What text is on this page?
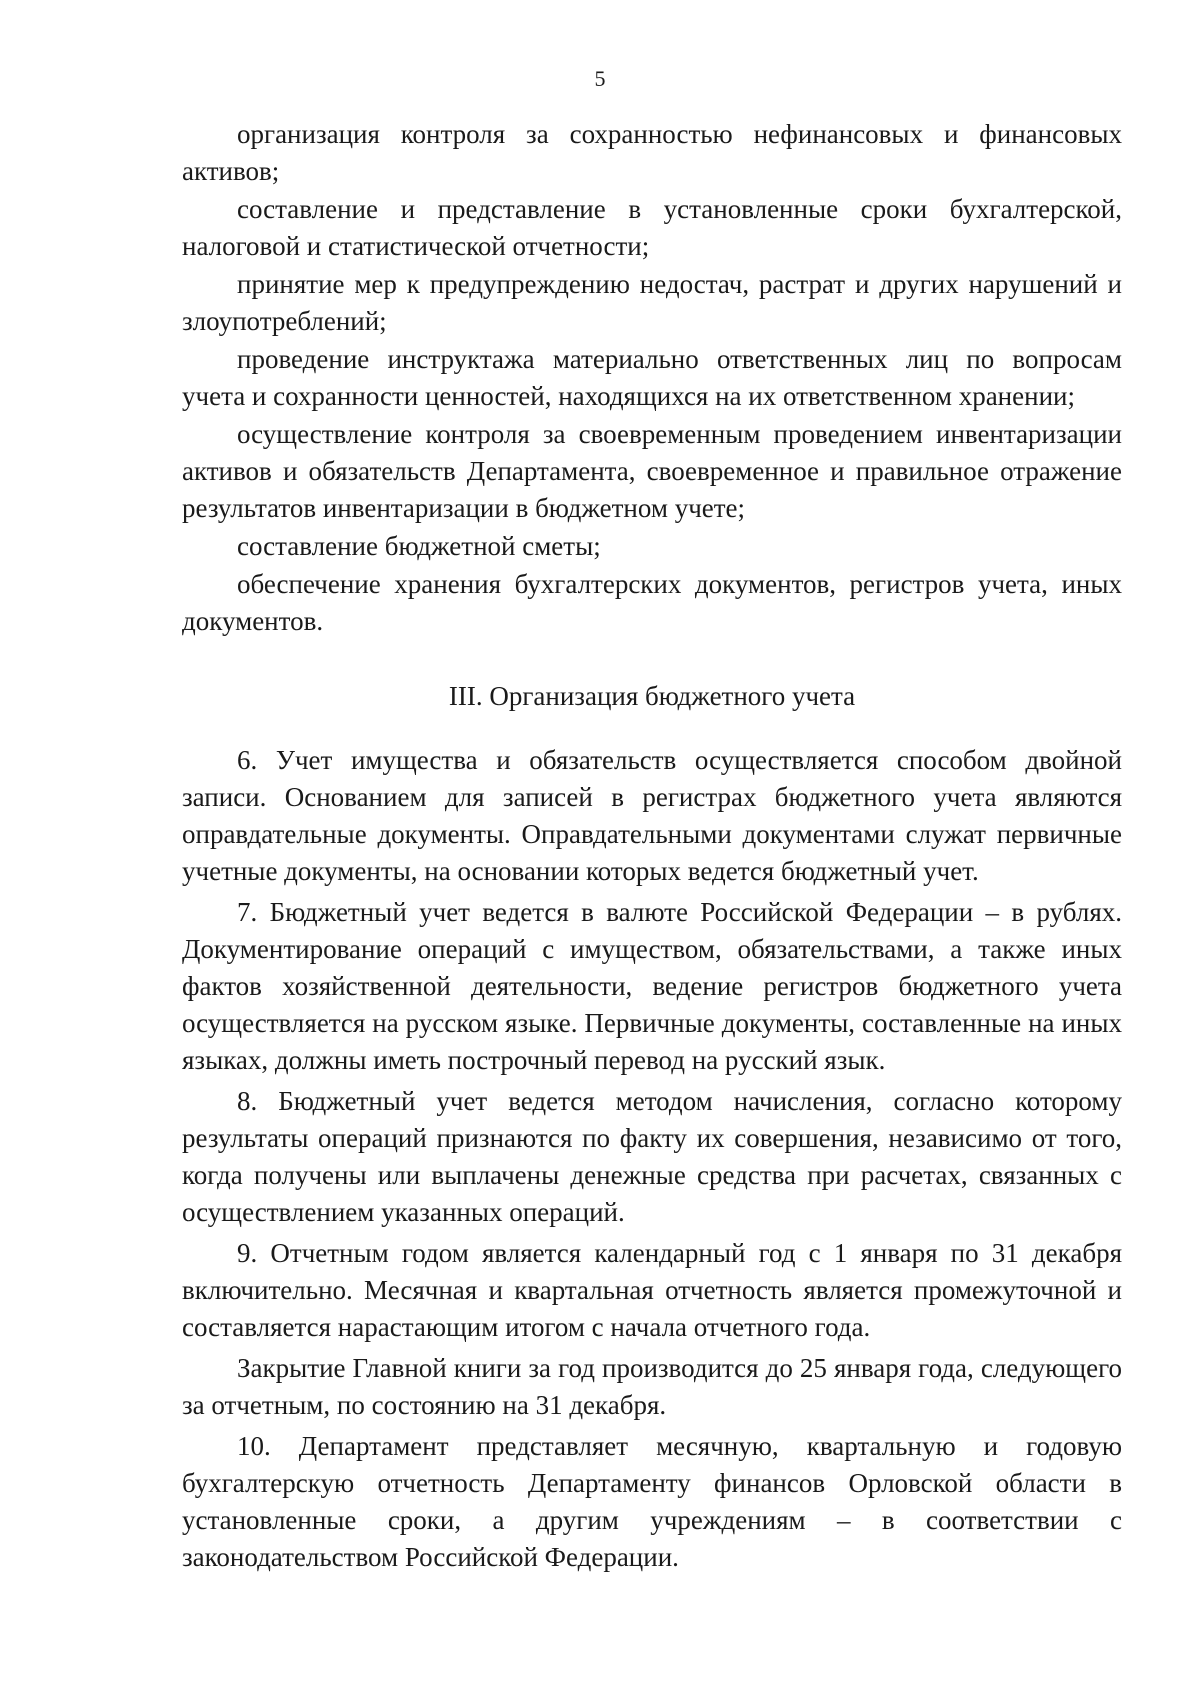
5

организация контроля за сохранностью нефинансовых и финансовых активов;

составление и представление в установленные сроки бухгалтерской, налоговой и статистической отчетности;

принятие мер к предупреждению недостач, растрат и других нарушений и злоупотреблений;

проведение инструктажа материально ответственных лиц по вопросам учета и сохранности ценностей, находящихся на их ответственном хранении;

осуществление контроля за своевременным проведением инвентаризации активов и обязательств Департамента, своевременное и правильное отражение результатов инвентаризации в бюджетном учете;

составление бюджетной сметы;

обеспечение хранения бухгалтерских документов, регистров учета, иных документов.

III. Организация бюджетного учета

6. Учет имущества и обязательств осуществляется способом двойной записи. Основанием для записей в регистрах бюджетного учета являются оправдательные документы. Оправдательными документами служат первичные учетные документы, на основании которых ведется бюджетный учет.

7. Бюджетный учет ведется в валюте Российской Федерации – в рублях. Документирование операций с имуществом, обязательствами, а также иных фактов хозяйственной деятельности, ведение регистров бюджетного учета осуществляется на русском языке. Первичные документы, составленные на иных языках, должны иметь построчный перевод на русский язык.

8. Бюджетный учет ведется методом начисления, согласно которому результаты операций признаются по факту их совершения, независимо от того, когда получены или выплачены денежные средства при расчетах, связанных с осуществлением указанных операций.

9. Отчетным годом является календарный год с 1 января по 31 декабря включительно. Месячная и квартальная отчетность является промежуточной и составляется нарастающим итогом с начала отчетного года.

Закрытие Главной книги за год производится до 25 января года, следующего за отчетным, по состоянию на 31 декабря.

10. Департамент представляет месячную, квартальную и годовую бухгалтерскую отчетность Департаменту финансов Орловской области в установленные сроки, а другим учреждениям – в соответствии с законодательством Российской Федерации.
